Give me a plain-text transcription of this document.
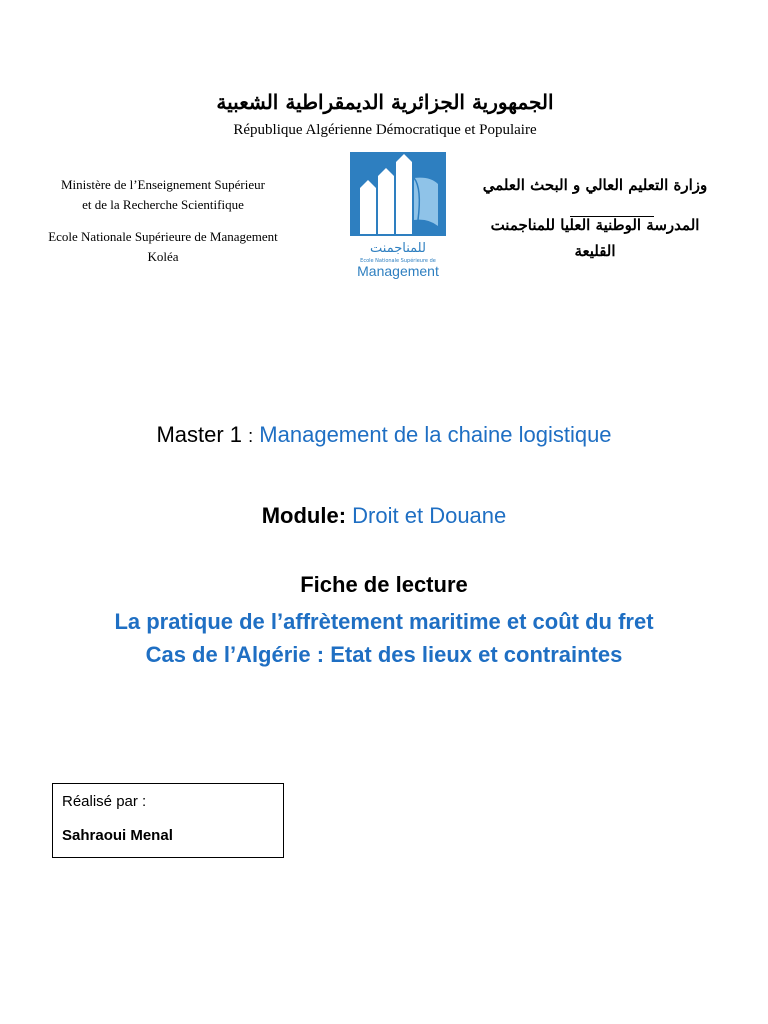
الجمهورية الجزائرية الديمقراطية الشعبية
République Algérienne Démocratique et Populaire
Ministère de l’Enseignement Supérieur
et de la Recherche Scientifique
Ecole Nationale Supérieure de Management
Koléa
للمناجمنت
Ecole Nationale Supérieure de
Management
وزارة التعليم العالي و البحث العلمي
المدرسة الوطنية العليا للمناجمنت
القليعة
Master 1 : Management de la chaine logistique
Module: Droit et Douane
Fiche de lecture
La pratique de l’affrètement maritime et coût du fret
Cas de l’Algérie : Etat des lieux et contraintes
Réalisé par :
Sahraoui Menal
